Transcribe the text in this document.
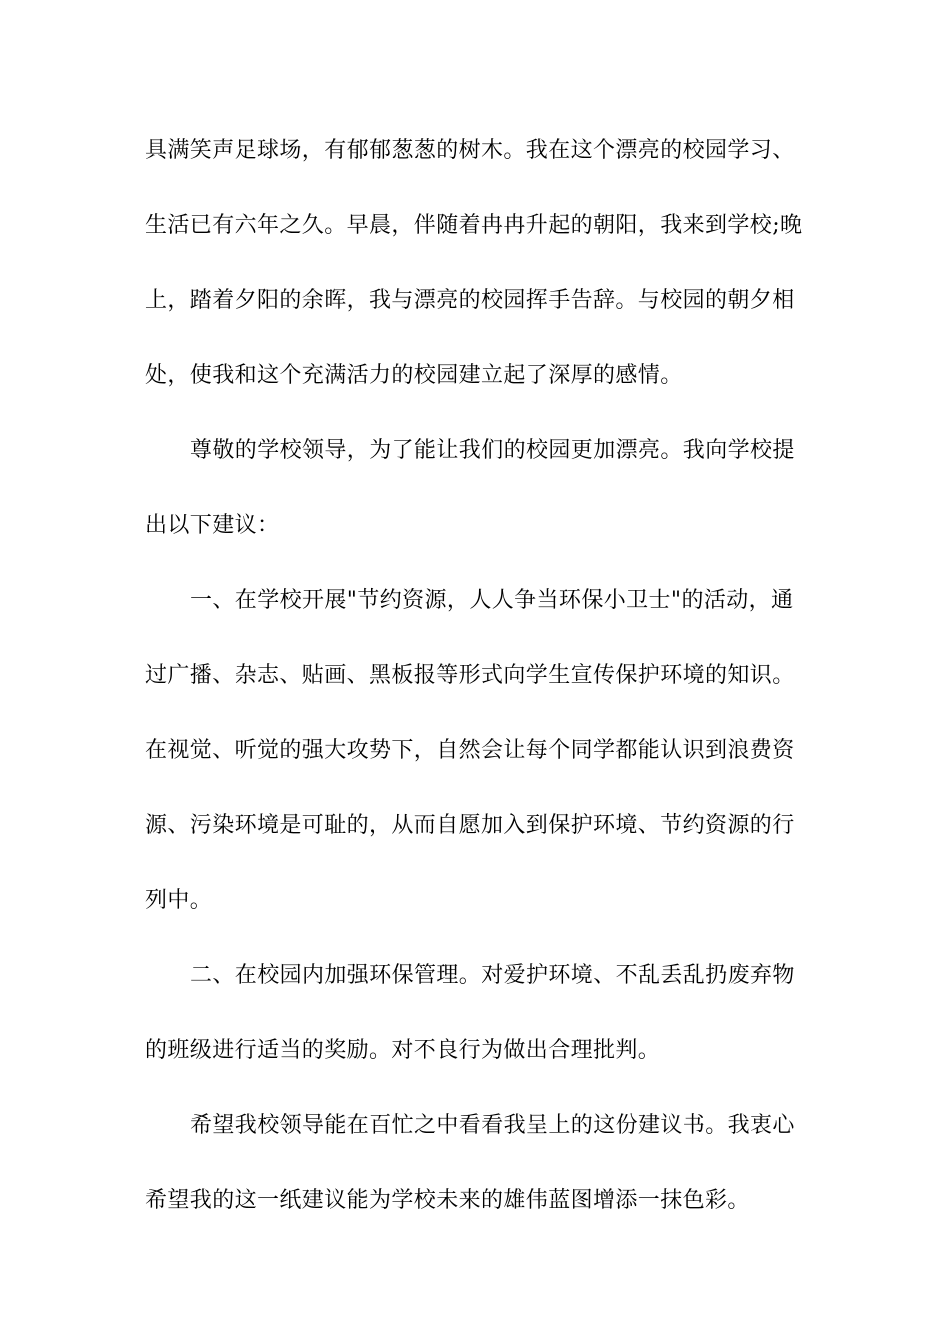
具满笑声足球场，有郁郁葱葱的树木。我在这个漂亮的校园学习、
生活已有六年之久。早晨，伴随着冉冉升起的朝阳，我来到学校;晚
上，踏着夕阳的余晖，我与漂亮的校园挥手告辞。与校园的朝夕相
处，使我和这个充满活力的校园建立起了深厚的感情。
尊敬的学校领导，为了能让我们的校园更加漂亮。我向学校提
出以下建议：
一、在学校开展"节约资源，人人争当环保小卫士"的活动，通
过广播、杂志、贴画、黑板报等形式向学生宣传保护环境的知识。
在视觉、听觉的强大攻势下，自然会让每个同学都能认识到浪费资
源、污染环境是可耻的，从而自愿加入到保护环境、节约资源的行
列中。
二、在校园内加强环保管理。对爱护环境、不乱丢乱扔废弃物
的班级进行适当的奖励。对不良行为做出合理批判。
希望我校领导能在百忙之中看看我呈上的这份建议书。我衷心
希望我的这一纸建议能为学校未来的雄伟蓝图增添一抹色彩。
